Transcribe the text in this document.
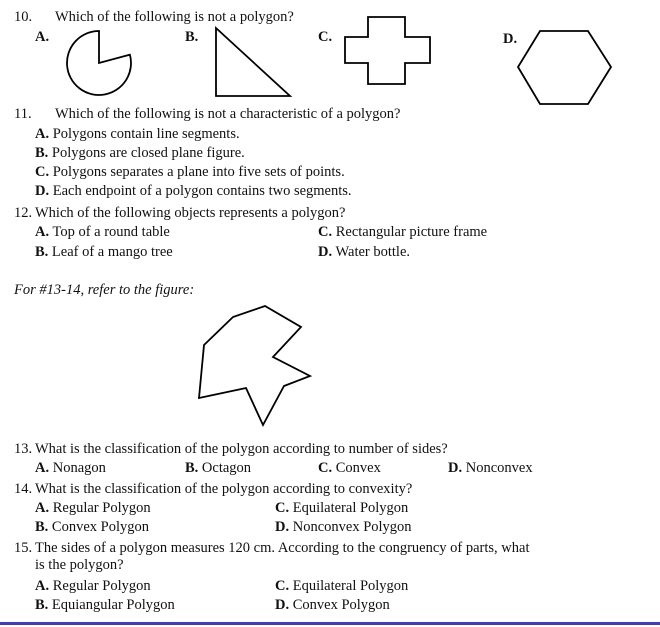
10. Which of the following is not a polygon?
A.	B.	C.	D.
11. Which of the following is not a characteristic of a polygon?
A. Polygons contain line segments.
B. Polygons are closed plane figure.
C. Polygons separates a plane into five sets of points.
D. Each endpoint of a polygon contains two segments.
12. Which of the following objects represents a polygon?
A. Top of a round table	C. Rectangular picture frame
B. Leaf of a mango tree	D. Water bottle.
For #13-14, refer to the figure:
13. What is the classification of the polygon according to number of sides?
A. Nonagon	B. Octagon	C. Convex	D. Nonconvex
14. What is the classification of the polygon according to convexity?
A. Regular Polygon	C. Equilateral Polygon
B. Convex Polygon	D. Nonconvex Polygon
15. The sides of a polygon measures 120 cm. According to the congruency of parts, what
is the polygon?
A. Regular Polygon	C. Equilateral Polygon
B. Equiangular Polygon	D. Convex Polygon
